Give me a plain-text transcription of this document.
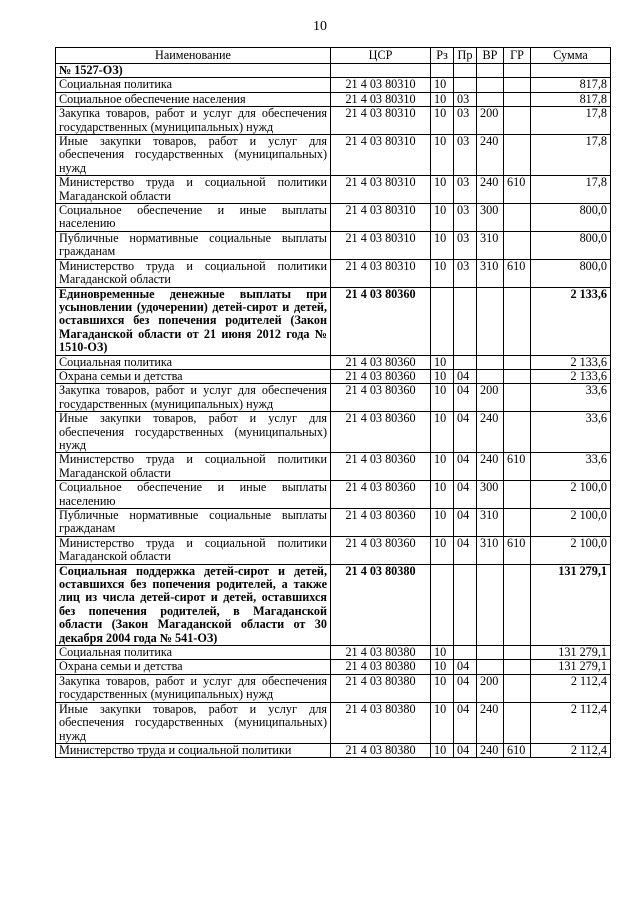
10
Наименование	ЦСР	Рз	Пр	ВР	ГР	Сумма
№ 1527-ОЗ)						
Социальная политика	21 4 03 80310	10				817,8
Социальное обеспечение населения	21 4 03 80310	10	03			817,8
Закупка товаров, работ и услуг для обеспечения государственных (муниципальных) нужд	21 4 03 80310	10	03	200		17,8
Иные закупки товаров, работ и услуг для обеспечения государственных (муниципальных) нужд	21 4 03 80310	10	03	240		17,8
Министерство труда и социальной политики Магаданской области	21 4 03 80310	10	03	240	610	17,8
Социальное обеспечение и иные выплаты населению	21 4 03 80310	10	03	300		800,0
Публичные нормативные социальные выплаты гражданам	21 4 03 80310	10	03	310		800,0
Министерство труда и социальной политики Магаданской области	21 4 03 80310	10	03	310	610	800,0
Единовременные денежные выплаты при усыновлении (удочерении) детей-сирот и детей, оставшихся без попечения родителей (Закон Магаданской области от 21 июня 2012 года № 1510-ОЗ)	21 4 03 80360					2 133,6
Социальная политика	21 4 03 80360	10				2 133,6
Охрана семьи и детства	21 4 03 80360	10	04			2 133,6
Закупка товаров, работ и услуг для обеспечения государственных (муниципальных) нужд	21 4 03 80360	10	04	200		33,6
Иные закупки товаров, работ и услуг для обеспечения государственных (муниципальных) нужд	21 4 03 80360	10	04	240		33,6
Министерство труда и социальной политики Магаданской области	21 4 03 80360	10	04	240	610	33,6
Социальное обеспечение и иные выплаты населению	21 4 03 80360	10	04	300		2 100,0
Публичные нормативные социальные выплаты гражданам	21 4 03 80360	10	04	310		2 100,0
Министерство труда и социальной политики Магаданской области	21 4 03 80360	10	04	310	610	2 100,0
Социальная поддержка детей-сирот и детей, оставшихся без попечения родителей, а также лиц из числа детей-сирот и детей, оставшихся без попечения родителей, в Магаданской области (Закон Магаданской области от 30 декабря 2004 года № 541-ОЗ)	21 4 03 80380					131 279,1
Социальная политика	21 4 03 80380	10				131 279,1
Охрана семьи и детства	21 4 03 80380	10	04			131 279,1
Закупка товаров, работ и услуг для обеспечения государственных (муниципальных) нужд	21 4 03 80380	10	04	200		2 112,4
Иные закупки товаров, работ и услуг для обеспечения государственных (муниципальных) нужд	21 4 03 80380	10	04	240		2 112,4
Министерство труда и социальной политики	21 4 03 80380	10	04	240	610	2 112,4
